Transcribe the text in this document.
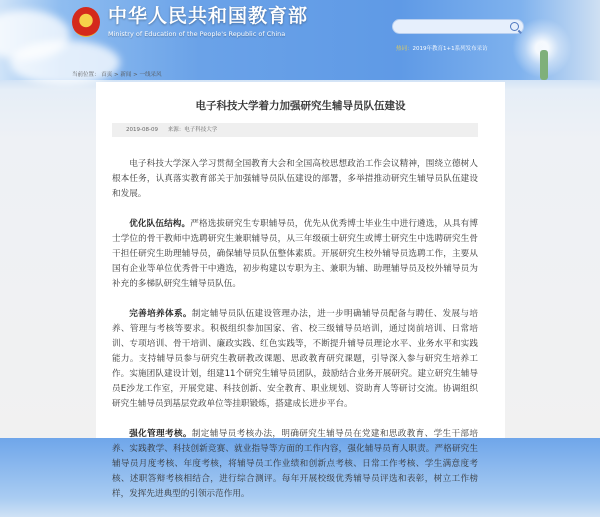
中华人民共和国教育部
Ministry of Education of the People's Republic of China
热词：2019年教育1+1系列发布采访
当前位置： 首页 > 新闻 > 一线采风
电子科技大学着力加强研究生辅导员队伍建设
2019-08-09 来源：电子科技大学

电子科技大学深入学习贯彻全国教育大会和全国高校思想政治工作会议精神，围绕立德树人根本任务，认真落实教育部关于加强辅导员队伍建设的部署，多举措推动研究生辅导员队伍建设和发展。

优化队伍结构。严格选拔研究生专职辅导员，优先从优秀博士毕业生中进行遴选，从具有博士学位的骨干教师中选聘研究生兼职辅导员，从三年级硕士研究生或博士研究生中选聘研究生骨干担任研究生助理辅导员，确保辅导员队伍整体素质。开展研究生校外辅导员选聘工作，主要从国有企业等单位优秀骨干中遴选，初步构建以专职为主、兼职为辅、助理辅导员及校外辅导员为补充的多梯队研究生辅导员队伍。

完善培养体系。制定辅导员队伍建设管理办法，进一步明确辅导员配备与聘任、发展与培养、管理与考核等要求。积极组织参加国家、省、校三级辅导员培训，通过岗前培训、日常培训、专项培训、骨干培训、廉政实践、红色实践等，不断提升辅导员理论水平、业务水平和实践能力。支持辅导员参与研究生教研教改课题、思政教育研究课题，引导深入参与研究生培养工作。实施团队建设计划，组建11个研究生辅导员团队，鼓励结合业务开展研究。建立研究生辅导员E沙龙工作室，开展党建、科技创新、安全教育、职业规划、资助育人等研讨交流。协调组织研究生辅导员到基层党政单位等挂职锻炼，搭建成长进步平台。

强化管理考核。制定辅导员考核办法，明确研究生辅导员在党建和思政教育、学生干部培养、实践教学、科技创新竞赛、就业指导等方面的工作内容，强化辅导员育人职责。严格研究生辅导员月度考核、年度考核，将辅导员工作业绩和创新点考核、日常工作考核、学生满意度考核、述职答辩考核相结合，进行综合测评。每年开展校级优秀辅导员评选和表彰，树立工作榜样，发挥先进典型的引领示范作用。
